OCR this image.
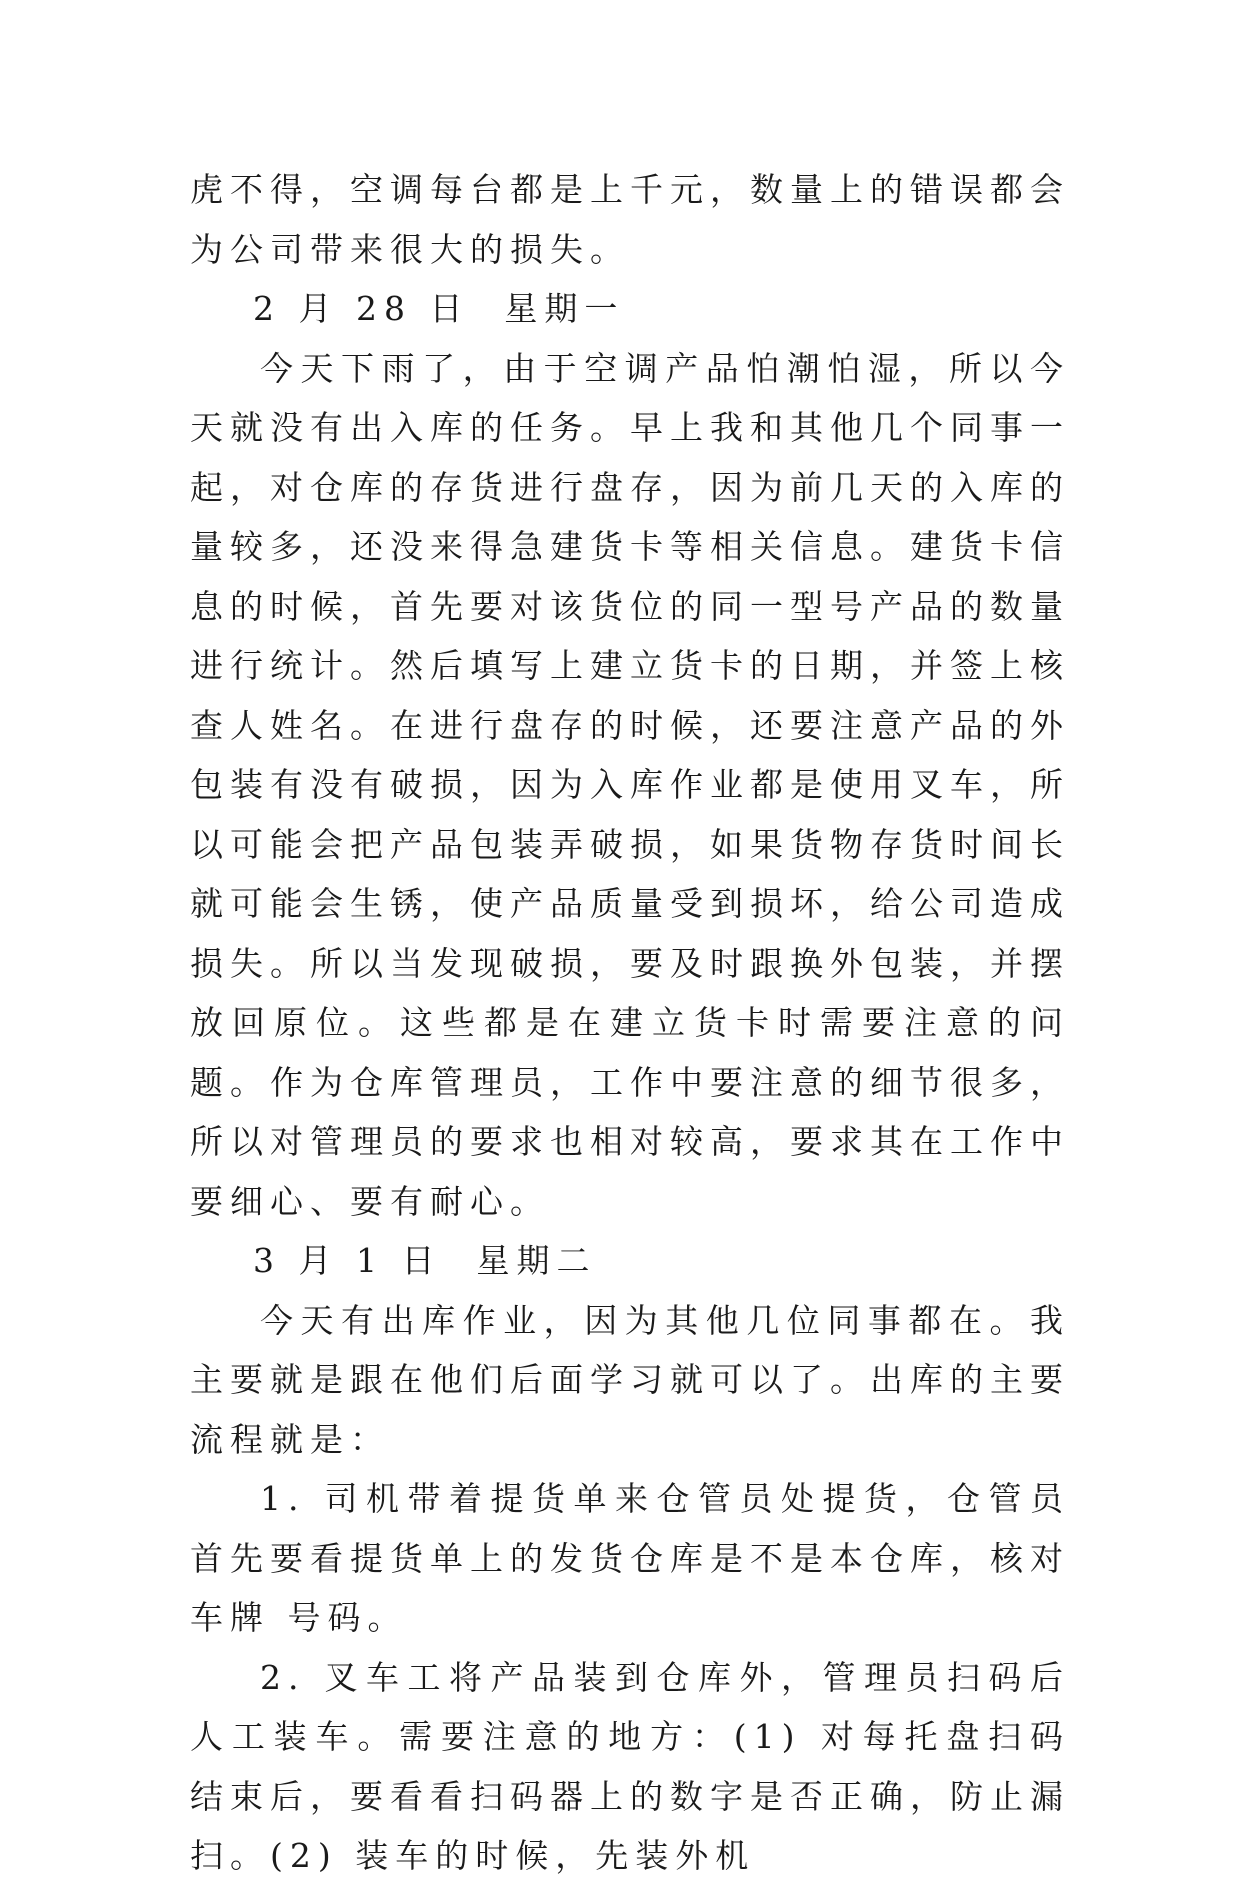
虎不得，空调每台都是上千元，数量上的错误都会为公司带来很大的损失。

2 月 28 日  星期一

今天下雨了，由于空调产品怕潮怕湿，所以今天就没有出入库的任务。早上我和其他几个同事一起，对仓库的存货进行盘存，因为前几天的入库的量较多，还没来得急建货卡等相关信息。建货卡信息的时候，首先要对该货位的同一型号产品的数量进行统计。然后填写上建立货卡的日期，并签上核查人姓名。在进行盘存的时候，还要注意产品的外包装有没有破损，因为入库作业都是使用叉车，所以可能会把产品包装弄破损，如果货物存货时间长就可能会生锈，使产品质量受到损坏，给公司造成损失。所以当发现破损，要及时跟换外包装，并摆放回原位。这些都是在建立货卡时需要注意的问题。作为仓库管理员，工作中要注意的细节很多，所以对管理员的要求也相对较高，要求其在工作中要细心、要有耐心。

3 月 1 日  星期二

今天有出库作业，因为其他几位同事都在。我主要就是跟在他们后面学习就可以了。出库的主要流程就是：

1. 司机带着提货单来仓管员处提货，仓管员首先要看提货单上的发货仓库是不是本仓库，核对车牌 号码。

2. 叉车工将产品装到仓库外，管理员扫码后人工装车。需要注意的地方：(1) 对每托盘扫码结束后，要看看扫码器上的数字是否正确，防止漏扫。(2) 装车的时候，先装外机
